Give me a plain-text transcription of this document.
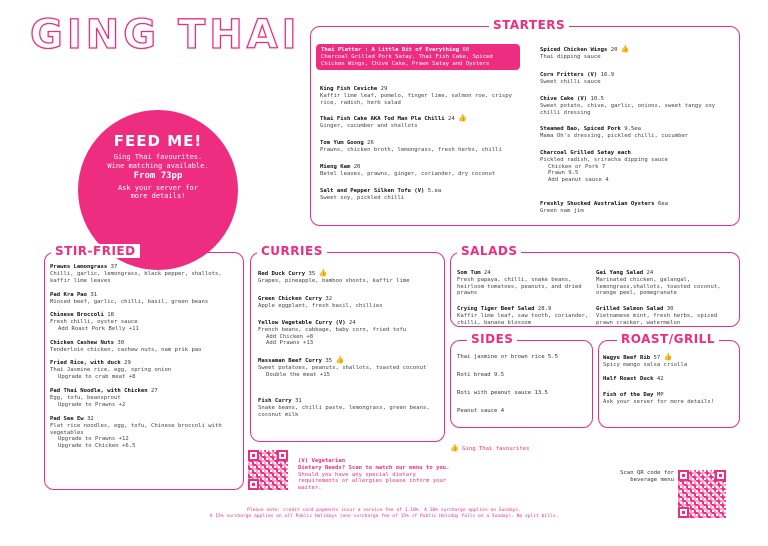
GING THAI
FEED ME!

Ging Thai favourites.
Wine matching available.

From 73pp

Ask your server for
more details!

STARTERS
Thai Platter : A Little Bit of Everything 60
Charcoal Grilled Pork Satay, Thai Fish Cake, Spiced Chicken Wings, Chive Cake, Prawn Satay and Oysters
King Fish Ceviche 29
Kaffir lime leaf, pomelo, finger lime, salmon roe, crispy rice, radish, herb salad
Thai Fish Cake AKA Tod Man Pla Chilli 24 👍
Ginger, cucumber and shallots
Tom Yum Goong 26
Prawns, chicken broth, lemongrass, fresh herbs, chilli
Mieng Kam 20
Betel leaves, prawns, ginger, coriander, dry coconut
Salt and Pepper Silken Tofu (V) 5.ea
Sweet soy, pickled chilli
Spiced Chicken Wings 20 👍
Thai dipping sauce
Corn Fritters (V) 16.9
Sweet chilli sauce
Chive Cake (V) 10.5
Sweet potato, chive, garlic, onions, sweet tangy soy chilli dressing
Steamed Bao, Spiced Pork 9.5ea
Mama Oh's dressing, pickled chilli, cucumber
Charcoal Grilled Satay each
Pickled radish, sriracha dipping sauce

Chicken or Pork 7
Prawn 9.5
Add peanut sauce 4
Freshly Shucked Australian Oysters 6ea
Green nam jim
STIR-FRIED
Prawns Lemongrass 37
Chilli, garlic, lemongrass, black pepper, shallots, kaffir lime leaves
Pad Kra Pao 31
Minced beef, garlic, chilli, basil, green beans
Chinese Broccoli 18
Fresh chilli, oyster sauce
Add Roast Pork Belly +11
Chicken Cashew Nuts 30
Tenderloin chicken, cashew nuts, nam prik pao
Fried Rice, with duck 29
Thai Jasmine rice, egg, spring onion
Upgrade to crab meat +8
Pad Thai Noodle, with Chicken 27
Egg, tofu, beansprout
Upgrade to Prawns +2
Pad See Ew 32
Flat rice noodles, egg, tofu, Chinese broccoli with vegetables
Upgrade to Prawns +12
Upgrade to Chicken +6.5
CURRIES
Red Duck Curry 35 👍
Grapes, pineapple, bamboo shoots, kaffir lime
Green Chicken Curry 32
Apple eggplant, fresh basil, chillies
Yellow Vegetable Curry (V) 24
French beans, cabbage, baby corn, fried tofu
Add Chicken +8
Add Prawns +13
Massaman Beef Curry 35 👍
Sweet potatoes, peanuts, shallots, toasted coconut
Double the meat +15
Fish Curry 31
Snake beans, chilli paste, lemongrass, green beans, coconut milk
SALADS
Som Tum 24
Fresh papaya, chilli, snake beans, heirloom tomatoes, peanuts, and dried prawns
Gai Yang Salad 24
Marinated chicken, galangal, lemongrass,shallots, toasted coconut, orange peel, pomegranate
Crying Tiger Beef Salad 28.9
Kaffir lime leaf, saw tooth, coriander, chilli, banana blossom
Grilled Salmon Salad 30
Vietnamese mint, fresh herbs, spiced prawn cracker, watermelon
SIDES
Thai jasmine or brown rice 5.5
Roti bread 9.5
Roti with peanut sauce 13.5
Peanut sauce 4
ROAST/GRILL
Wagyu Beef Rib 57 👍
Spicy mango salsa criolla
Half Roast Duck 42
Fish of the Day MP
Ask your server for more details!
👍 Ging Thai favourites
(V) Vegetarian
Dietary Needs? Scan to match our menu to you.
Should you have any special dietary requirements or allergies please inform your waiter.
Scan QR code for
beverage menu
Please note: credit card payments incur a service fee of 1.10%. A 10% surcharge applies on Sundays.
A 15% surcharge applies on all Public Holidays (one surcharge fee of 15% if Public Holiday falls on a Sunday). No split bills.
